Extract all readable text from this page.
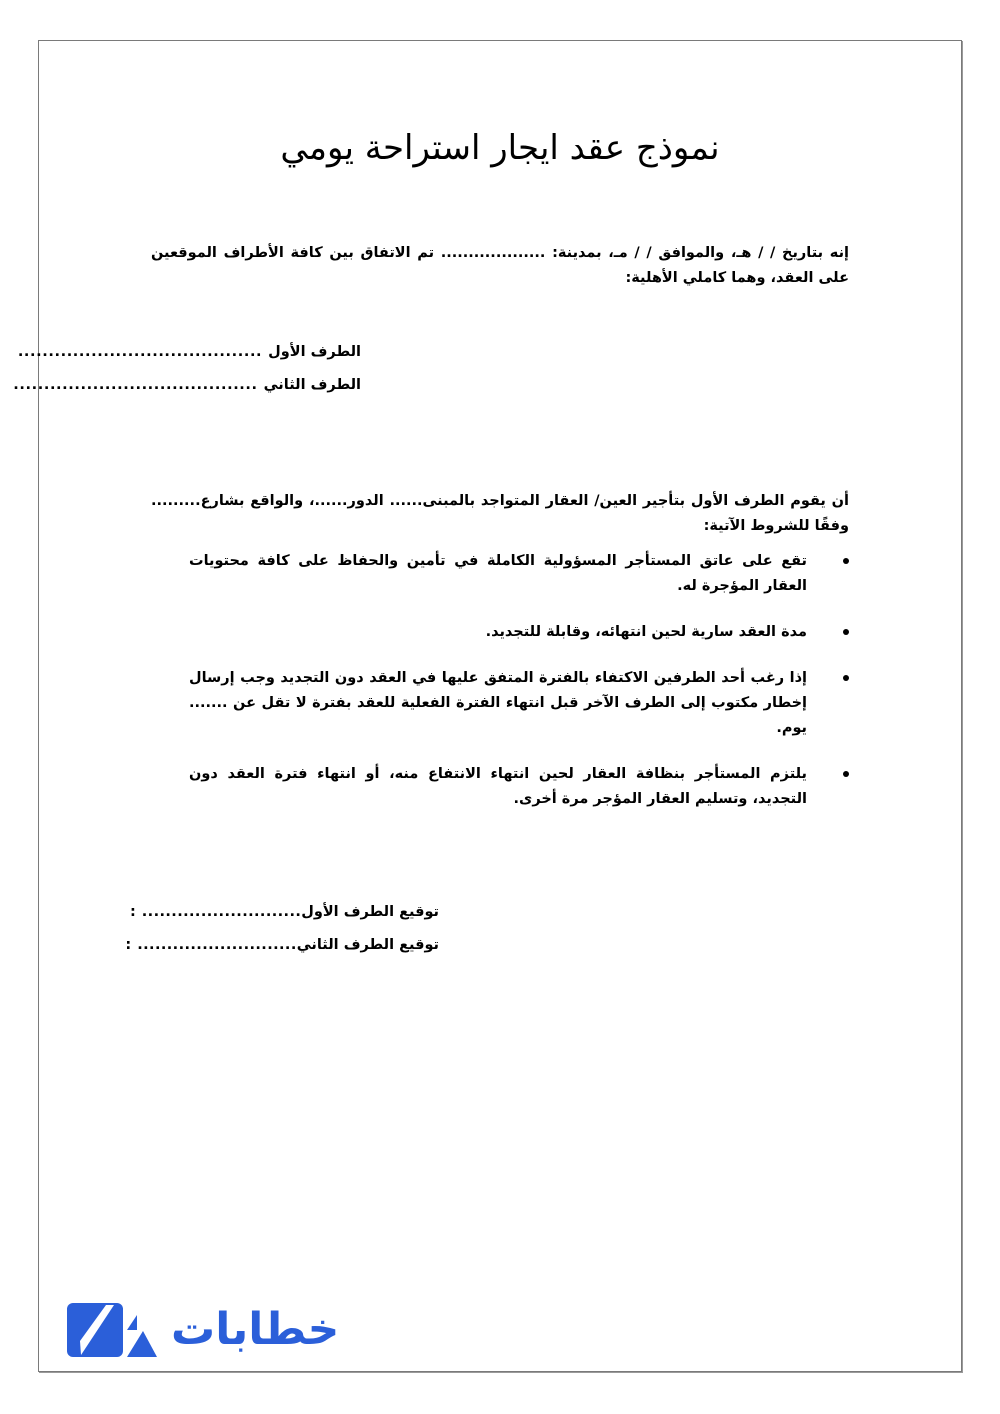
نموذج عقد ايجار استراحة يومي
إنه بتاريخ / / هـ، والموافق / / مـ، بمدينة: ................... تم الاتفاق بين كافة الأطراف الموقعين على العقد، وهما كاملي الأهلية:
الطرف الأول
........................................
الطرف الثاني
........................................
أن يقوم الطرف الأول بتأجير العين/ العقار المتواجد بالمبنى...... الدور......، والواقع بشارع......... وفقًا للشروط الآتية:
تقع على عاتق المستأجر المسؤولية الكاملة في تأمين والحفاظ على كافة محتويات العقار المؤجرة له.
مدة العقد سارية لحين انتهائه، وقابلة للتجديد.
إذا رغب أحد الطرفين الاكتفاء بالفترة المتفق عليها في العقد دون التجديد وجب إرسال إخطار مكتوب إلى الطرف الآخر قبل انتهاء الفترة الفعلية للعقد بفترة لا تقل عن ....... يوم.
يلتزم المستأجر بنظافة العقار لحين انتهاء الانتفاع منه، أو انتهاء فترة العقد دون التجديد، وتسليم العقار المؤجر مرة أخرى.
توقيع الطرف الأول
...........................
:
توقيع الطرف الثاني
...........................
:
خطابات
